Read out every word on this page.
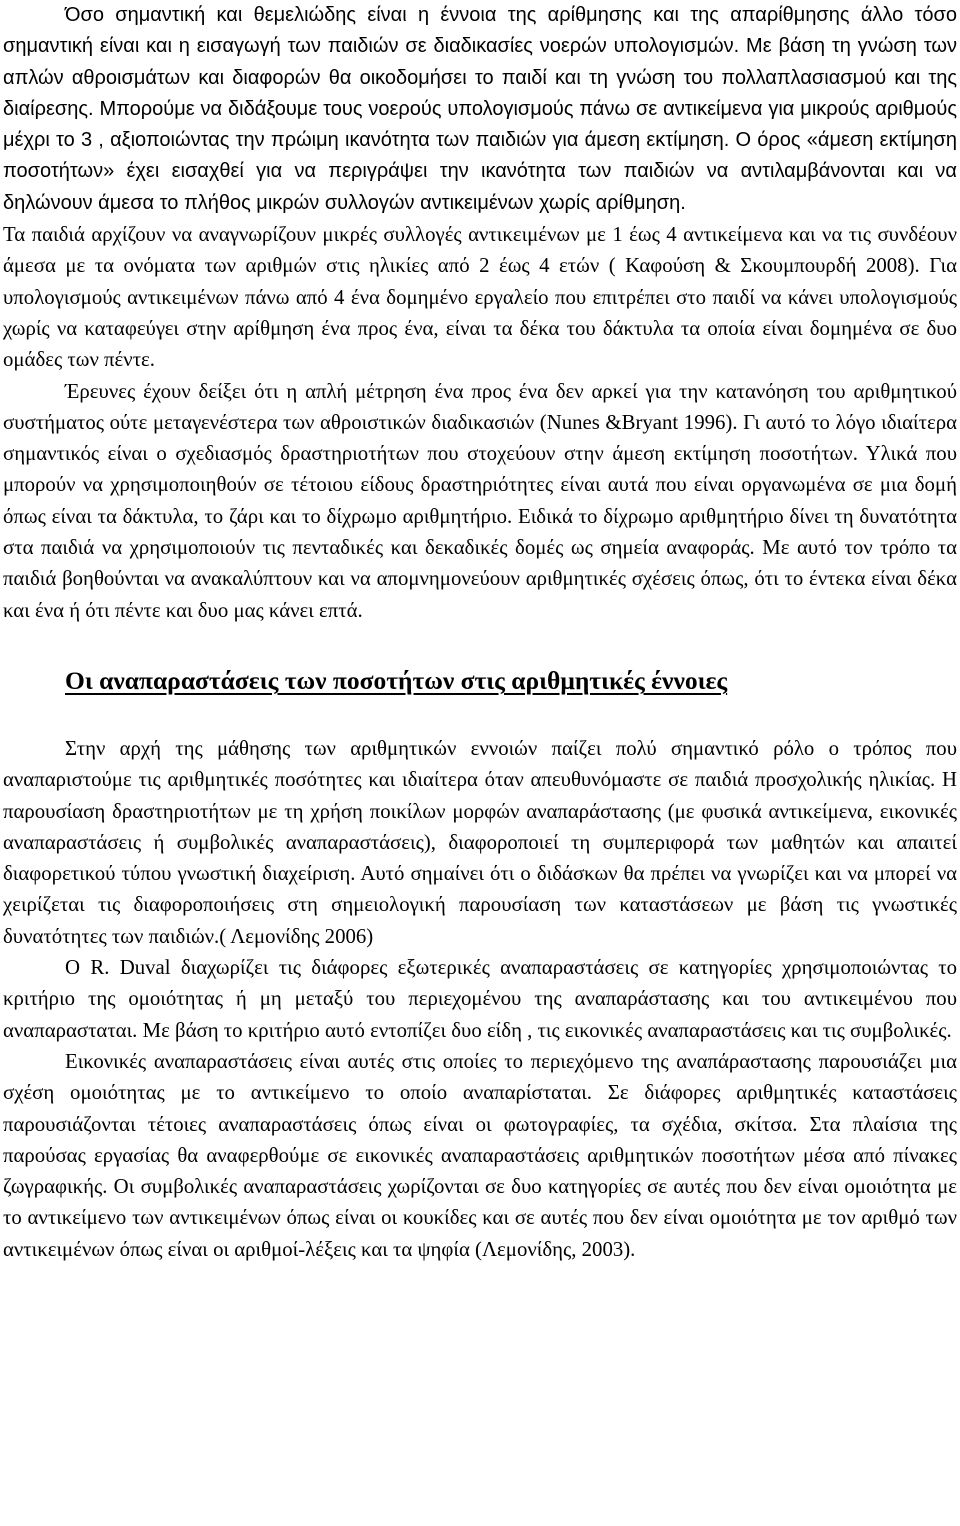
Όσο σημαντική και θεμελιώδης είναι η έννοια της αρίθμησης και της απαρίθμησης άλλο τόσο σημαντική είναι και η εισαγωγή των παιδιών σε διαδικασίες νοερών υπολογισμών. Με βάση τη γνώση των απλών αθροισμάτων και διαφορών θα οικοδομήσει το παιδί και τη γνώση του πολλαπλασιασμού και της διαίρεσης. Μπορούμε να διδάξουμε τους νοερούς υπολογισμούς πάνω σε αντικείμενα για μικρούς αριθμούς μέχρι το 3 , αξιοποιώντας την πρώιμη ικανότητα των παιδιών για άμεση εκτίμηση. Ο όρος «άμεση εκτίμηση ποσοτήτων» έχει εισαχθεί για να περιγράψει την ικανότητα των παιδιών να αντιλαμβάνονται και να δηλώνουν άμεσα το πλήθος μικρών συλλογών αντικειμένων χωρίς αρίθμηση.

Τα παιδιά αρχίζουν να αναγνωρίζουν μικρές συλλογές αντικειμένων με 1 έως 4 αντικείμενα και να τις συνδέουν άμεσα με τα ονόματα των αριθμών στις ηλικίες από 2 έως 4 ετών ( Καφούση & Σκουμπουρδή 2008). Για υπολογισμούς αντικειμένων πάνω από 4 ένα δομημένο εργαλείο που επιτρέπει στο παιδί να κάνει υπολογισμούς χωρίς να καταφεύγει στην αρίθμηση ένα προς ένα, είναι τα δέκα του δάκτυλα τα οποία είναι δομημένα σε δυο ομάδες των πέντε.

Έρευνες έχουν δείξει ότι η απλή μέτρηση ένα προς ένα δεν αρκεί για την κατανόηση του αριθμητικού συστήματος ούτε μεταγενέστερα των αθροιστικών διαδικασιών (Nunes &Bryant 1996). Γι αυτό το λόγο ιδιαίτερα σημαντικός είναι ο σχεδιασμός δραστηριοτήτων που στοχεύουν στην άμεση εκτίμηση ποσοτήτων. Υλικά που μπορούν να χρησιμοποιηθούν σε τέτοιου είδους δραστηριότητες είναι αυτά που είναι οργανωμένα σε μια δομή όπως είναι τα δάκτυλα, το ζάρι και το δίχρωμο αριθμητήριο. Ειδικά το δίχρωμο αριθμητήριο δίνει τη δυνατότητα στα παιδιά να χρησιμοποιούν τις πενταδικές και δεκαδικές δομές ως σημεία αναφοράς. Με αυτό τον τρόπο τα παιδιά βοηθούνται να ανακαλύπτουν και να απομνημονεύουν αριθμητικές σχέσεις όπως, ότι το έντεκα είναι δέκα και ένα ή ότι πέντε και δυο μας κάνει επτά.

Οι αναπαραστάσεις των ποσοτήτων στις αριθμητικές έννοιες

Στην αρχή της μάθησης των αριθμητικών εννοιών παίζει πολύ σημαντικό ρόλο ο τρόπος που αναπαριστούμε τις αριθμητικές ποσότητες και ιδιαίτερα όταν απευθυνόμαστε σε παιδιά προσχολικής ηλικίας. Η παρουσίαση δραστηριοτήτων με τη χρήση ποικίλων μορφών αναπαράστασης (με φυσικά αντικείμενα, εικονικές αναπαραστάσεις ή συμβολικές αναπαραστάσεις), διαφοροποιεί τη συμπεριφορά των μαθητών και απαιτεί διαφορετικού τύπου γνωστική διαχείριση. Αυτό σημαίνει ότι ο διδάσκων θα πρέπει να γνωρίζει και να μπορεί να χειρίζεται τις διαφοροποιήσεις στη σημειολογική παρουσίαση των καταστάσεων με βάση τις γνωστικές δυνατότητες των παιδιών.( Λεμονίδης 2006)

Ο R. Duval διαχωρίζει τις διάφορες εξωτερικές αναπαραστάσεις σε κατηγορίες χρησιμοποιώντας το κριτήριο της ομοιότητας ή μη μεταξύ του περιεχομένου της αναπαράστασης και του αντικειμένου που αναπαρασταται. Με βάση το κριτήριο αυτό εντοπίζει δυο είδη , τις εικονικές αναπαραστάσεις και τις συμβολικές.

Εικονικές αναπαραστάσεις είναι αυτές στις οποίες το περιεχόμενο της αναπάραστασης παρουσιάζει μια σχέση ομοιότητας με το αντικείμενο το οποίο αναπαρίσταται. Σε διάφορες αριθμητικές καταστάσεις παρουσιάζονται τέτοιες αναπαραστάσεις όπως είναι οι φωτογραφίες, τα σχέδια, σκίτσα. Στα πλαίσια της παρούσας εργασίας θα αναφερθούμε σε εικονικές αναπαραστάσεις αριθμητικών ποσοτήτων μέσα από πίνακες ζωγραφικής. Οι συμβολικές αναπαραστάσεις χωρίζονται σε δυο κατηγορίες σε αυτές που δεν είναι ομοιότητα με το αντικείμενο των αντικειμένων όπως είναι οι κουκίδες και σε αυτές που δεν είναι ομοιότητα με τον αριθμό των αντικειμένων όπως είναι οι αριθμοί-λέξεις και τα ψηφία (Λεμονίδης, 2003).
